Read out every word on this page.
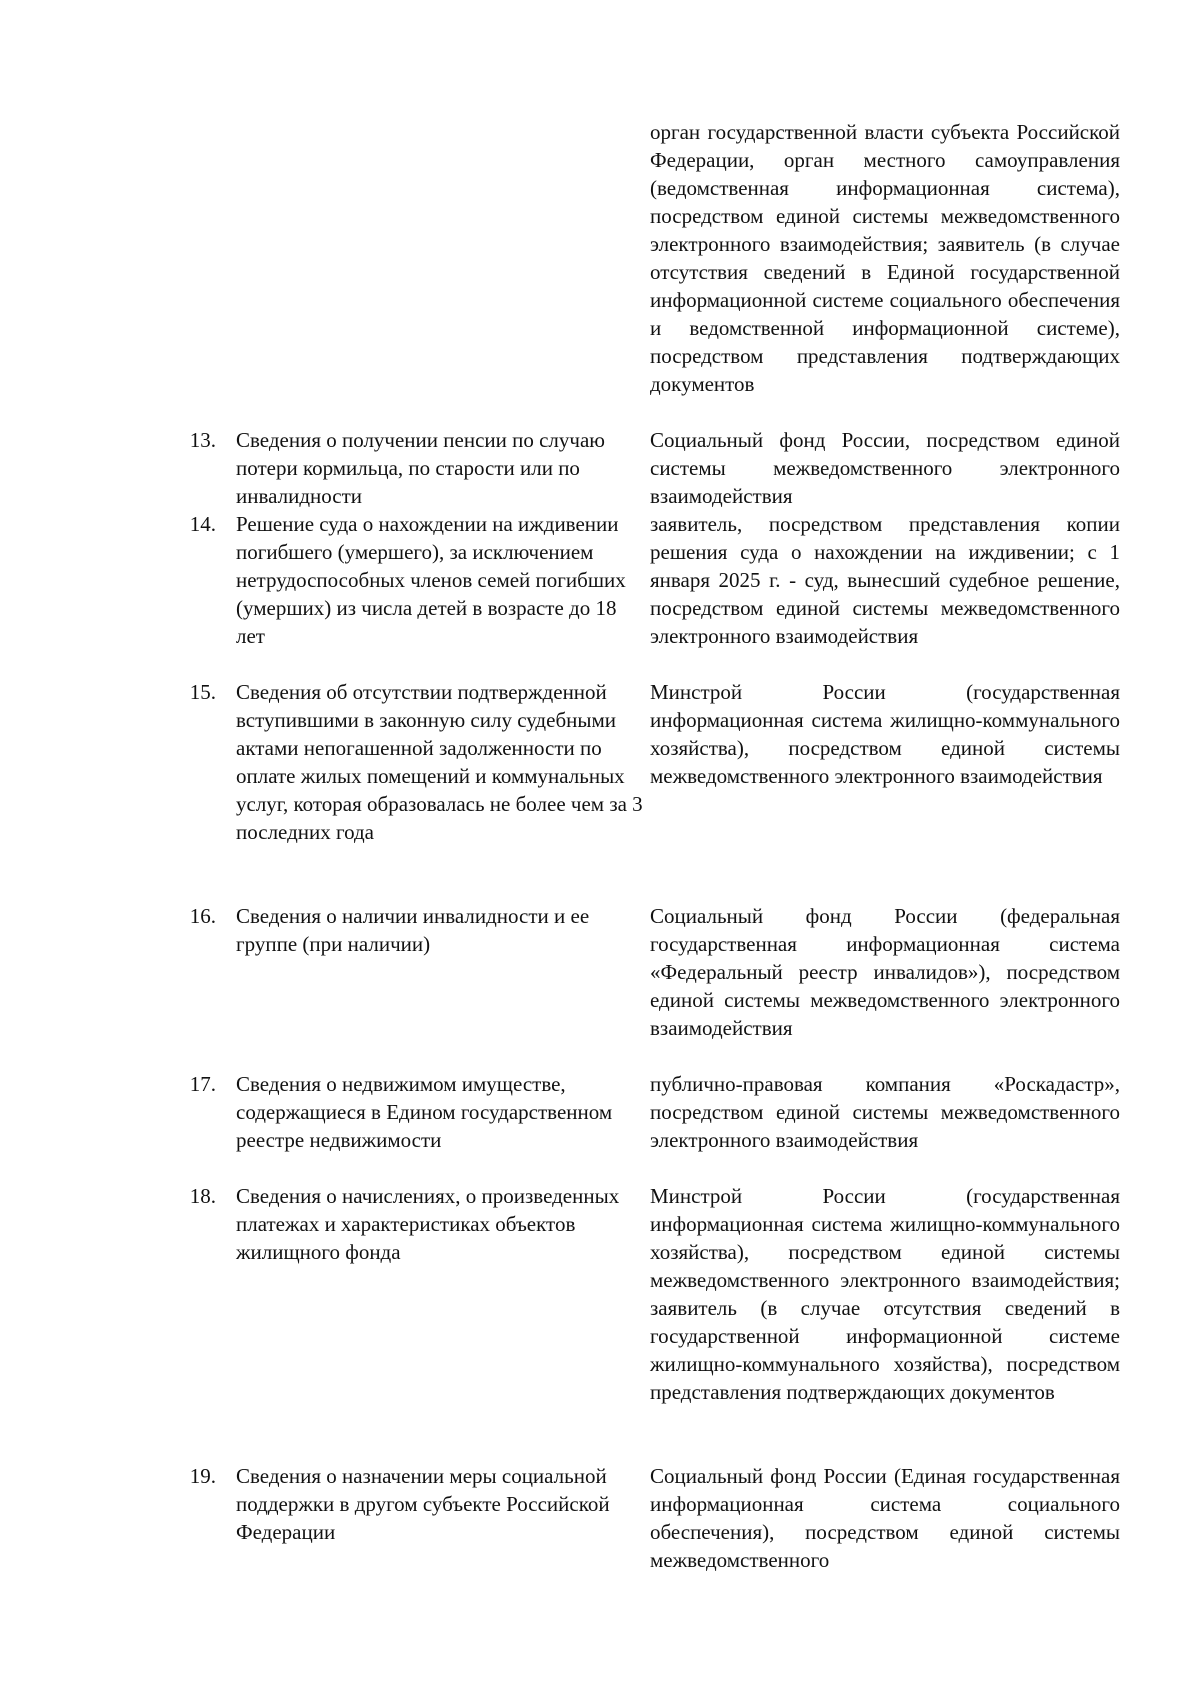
орган государственной власти субъекта Российской Федерации, орган местного самоуправления (ведомственная информационная система), посредством единой системы межведомственного электронного взаимодействия; заявитель (в случае отсутствия сведений в Единой государственной информационной системе социального обеспечения и ведомственной информационной системе), посредством представления подтверждающих документов
13. Сведения о получении пенсии по случаю потери кормильца, по старости или по инвалидности
Социальный фонд России, посредством единой системы межведомственного электронного взаимодействия
14. Решение суда о нахождении на иждивении погибшего (умершего), за исключением нетрудоспособных членов семей погибших (умерших) из числа детей в возрасте до 18 лет
заявитель, посредством представления копии решения суда о нахождении на иждивении; с 1 января 2025 г. - суд, вынесший судебное решение, посредством единой системы межведомственного электронного взаимодействия
15. Сведения об отсутствии подтвержденной вступившими в законную силу судебными актами непогашенной задолженности по оплате жилых помещений и коммунальных услуг, которая образовалась не более чем за 3 последних года
Минстрой России (государственная информационная система жилищно-коммунального хозяйства), посредством единой системы межведомственного электронного взаимодействия
16. Сведения о наличии инвалидности и ее группе (при наличии)
Социальный фонд России (федеральная государственная информационная система «Федеральный реестр инвалидов»), посредством единой системы межведомственного электронного взаимодействия
17. Сведения о недвижимом имуществе, содержащиеся в Едином государственном реестре недвижимости
публично-правовая компания «Роскадастр», посредством единой системы межведомственного электронного взаимодействия
18. Сведения о начислениях, о произведенных платежах и характеристиках объектов жилищного фонда
Минстрой России (государственная информационная система жилищно-коммунального хозяйства), посредством единой системы межведомственного электронного взаимодействия; заявитель (в случае отсутствия сведений в государственной информационной системе жилищно-коммунального хозяйства), посредством представления подтверждающих документов
19. Сведения о назначении меры социальной поддержки в другом субъекте Российской Федерации
Социальный фонд России (Единая государственная информационная система социального обеспечения), посредством единой системы межведомственного
